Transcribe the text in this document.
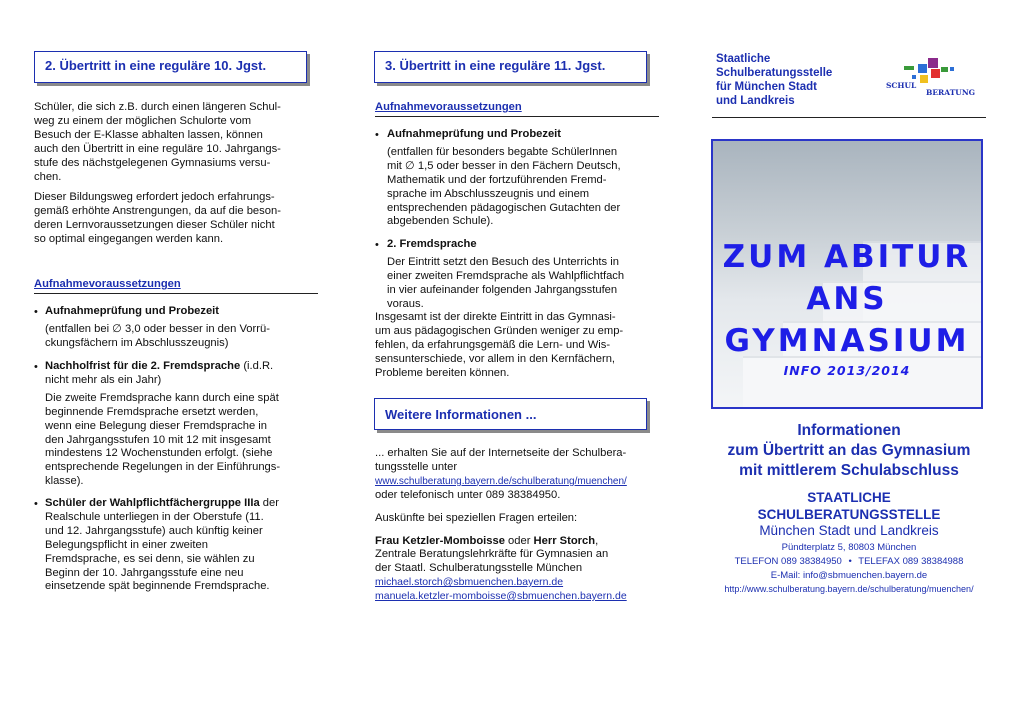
2. Übertritt in eine reguläre 10. Jgst.
Schüler, die sich z.B. durch einen längeren Schul-
weg zu einem der möglichen Schulorte vom
Besuch der E-Klasse abhalten lassen, können
auch den Übertritt in eine reguläre 10. Jahrgangs-
stufe des nächstgelegenen Gymnasiums versu-
chen.
Dieser Bildungsweg erfordert jedoch erfahrungs-
gemäß erhöhte Anstrengungen, da auf die beson-
deren Lernvoraussetzungen dieser Schüler nicht
so optimal eingegangen werden kann.
Aufnahmevoraussetzungen
• Aufnahmeprüfung und Probezeit
(entfallen bei ∅ 3,0 oder besser in den Vorrü-
ckungsfächern im Abschlusszeugnis)
• Nachholfrist für die 2. Fremdsprache (i.d.R.
nicht mehr als ein Jahr)
Die zweite Fremdsprache kann durch eine spät
beginnende Fremdsprache ersetzt werden,
wenn eine Belegung dieser Fremdsprache in
den Jahrgangsstufen 10 mit 12 mit insgesamt
mindestens 12 Wochenstunden erfolgt. (siehe
entsprechende Regelungen in der Einführungs-
klasse).
• Schüler der Wahlpflichtfächergruppe IIIa der
Realschule unterliegen in der Oberstufe (11.
und 12. Jahrgangsstufe) auch künftig keiner
Belegungspflicht in einer zweiten
Fremdsprache, es sei denn, sie wählen zu
Beginn der 10. Jahrgangsstufe eine neu
einsetzende spät beginnende Fremdsprache.
3. Übertritt in eine reguläre 11. Jgst.
Aufnahmevoraussetzungen
• Aufnahmeprüfung und Probezeit
(entfallen für besonders begabte SchülerInnen
mit ∅ 1,5 oder besser in den Fächern Deutsch,
Mathematik und der fortzuführenden Fremd-
sprache im Abschlusszeugnis und einem
entsprechenden pädagogischen Gutachten der
abgebenden Schule).
• 2. Fremdsprache
Der Eintritt setzt den Besuch des Unterrichts in
einer zweiten Fremdsprache als Wahlpflichtfach
in vier aufeinander folgenden Jahrgangsstufen
voraus.
Insgesamt ist der direkte Eintritt in das Gymnasi-
um aus pädagogischen Gründen weniger zu emp-
fehlen, da erfahrungsgemäß die Lern- und Wis-
sensunterschiede, vor allem in den Kernfächern,
Probleme bereiten können.
Weitere Informationen ...
... erhalten Sie auf der Internetseite der Schulbera-
tungsstelle unter
www.schulberatung.bayern.de/schulberatung/muenchen/
oder telefonisch unter 089 38384950.
Auskünfte bei speziellen Fragen erteilen:
Frau Ketzler-Momboisse oder Herr Storch,
Zentrale Beratungslehrkräfte für Gymnasien an
der Staatl. Schulberatungsstelle München
michael.storch@sbmuenchen.bayern.de
manuela.ketzler-momboisse@sbmuenchen.bayern.de
Staatliche
Schulberatungsstelle
für München Stadt
und Landkreis
SCHUL
BERATUNG
ZUM ABITUR
ANS
GYMNASIUM
INFO 2013/2014
Informationen
zum Übertritt an das Gymnasium
mit mittlerem Schulabschluss
STAATLICHE
SCHULBERATUNGSSTELLE
München Stadt und Landkreis
Pündterplatz 5, 80803 München
TELEFON 089 38384950 • TELEFAX 089 38384988
E-Mail: info@sbmuenchen.bayern.de
http://www.schulberatung.bayern.de/schulberatung/muenchen/
